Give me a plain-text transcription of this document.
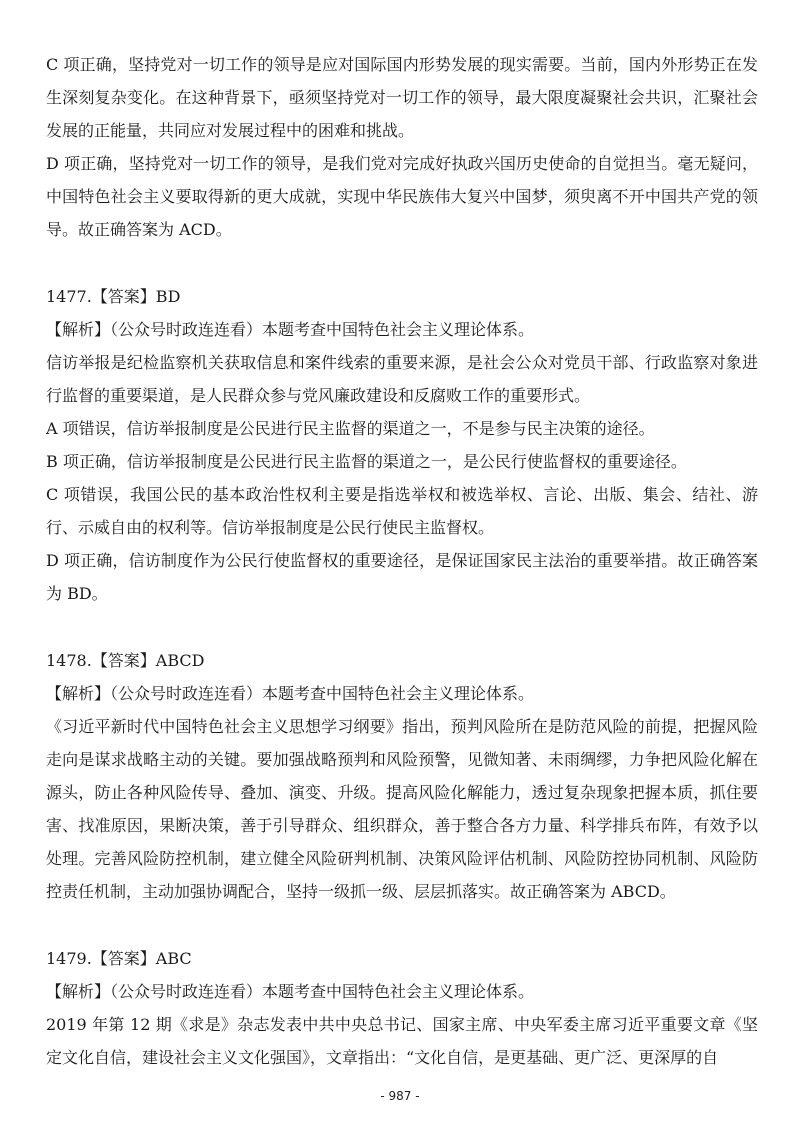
C 项正确，坚持党对一切工作的领导是应对国际国内形势发展的现实需要。当前，国内外形势正在发生深刻复杂变化。在这种背景下，亟须坚持党对一切工作的领导，最大限度凝聚社会共识，汇聚社会发展的正能量，共同应对发展过程中的困难和挑战。

D 项正确，坚持党对一切工作的领导，是我们党对完成好执政兴国历史使命的自觉担当。毫无疑问，中国特色社会主义要取得新的更大成就，实现中华民族伟大复兴中国梦，须臾离不开中国共产党的领导。故正确答案为 ACD。

1477.【答案】BD

【解析】（公众号时政连连看）本题考查中国特色社会主义理论体系。

信访举报是纪检监察机关获取信息和案件线索的重要来源，是社会公众对党员干部、行政监察对象进行监督的重要渠道，是人民群众参与党风廉政建设和反腐败工作的重要形式。

A 项错误，信访举报制度是公民进行民主监督的渠道之一，不是参与民主决策的途径。

B 项正确，信访举报制度是公民进行民主监督的渠道之一，是公民行使监督权的重要途径。

C 项错误，我国公民的基本政治性权利主要是指选举权和被选举权、言论、出版、集会、结社、游行、示威自由的权利等。信访举报制度是公民行使民主监督权。

D 项正确，信访制度作为公民行使监督权的重要途径，是保证国家民主法治的重要举措。故正确答案为 BD。

1478.【答案】ABCD

【解析】（公众号时政连连看）本题考查中国特色社会主义理论体系。

《习近平新时代中国特色社会主义思想学习纲要》指出，预判风险所在是防范风险的前提，把握风险走向是谋求战略主动的关键。要加强战略预判和风险预警，见微知著、未雨绸缪，力争把风险化解在源头，防止各种风险传导、叠加、演变、升级。提高风险化解能力，透过复杂现象把握本质，抓住要害、找准原因，果断决策，善于引导群众、组织群众，善于整合各方力量、科学排兵布阵，有效予以处理。完善风险防控机制，建立健全风险研判机制、决策风险评估机制、风险防控协同机制、风险防控责任机制，主动加强协调配合，坚持一级抓一级、层层抓落实。故正确答案为 ABCD。

1479.【答案】ABC

【解析】（公众号时政连连看）本题考查中国特色社会主义理论体系。

2019 年第 12 期《求是》杂志发表中共中央总书记、国家主席、中央军委主席习近平重要文章《坚定文化自信，建设社会主义文化强国》，文章指出：“文化自信，是更基础、更广泛、更深厚的自

- 987 -
